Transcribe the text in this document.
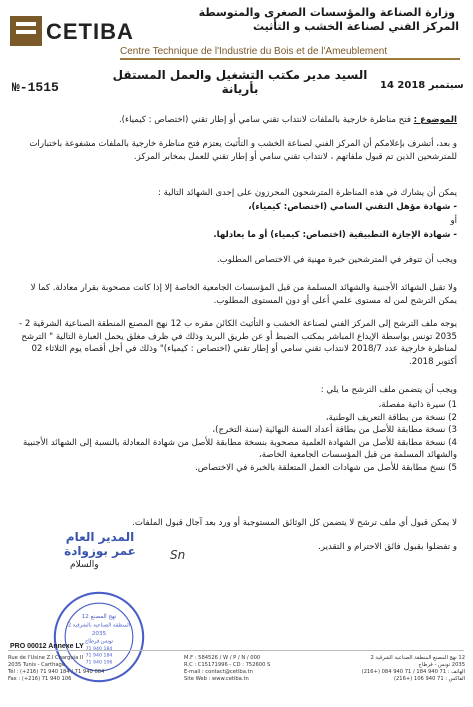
وزارة الصناعة والمؤسسات الصغرى والمتوسطة
المركز الفني لصناعة الخشب و التأثيث
CETIBA
Centre Technique de l'Industrie du Bois et de l'Ameublement
السيد مدير مكتب التشغيل والعمل المستقل بأريانة	14 سبتمبر 2018
№-1515
الموضوع : فتح مناظرة خارجية بالملفات لانتداب تقني سامي أو إطار تقني (اختصاص : كيمياء).
و بعد، أتشرف بإعلامكم أن المركز الفني لصناعة الخشب و التأثيث يعتزم فتح مناظرة خارجية بالملفات مشفوعة باختبارات للمترشحين الذين تم قبول ملفاتهم ، لانتداب تقني سامي أو إطار تقني للعمل بمخابر المركز.
يمكن أن يشارك في هذه المناظرة المترشحون المحرزون على إحدى الشهائد التالية :
- شهادة مؤهل التقني السامي (اختصاص: كيمياء)،
أو
- شهادة الإجازة التطبيقية (اختصاص: كيمياء) أو ما يعادلها.
ويجب أن تتوفر في المترشحين خبرة مهنية في الاختصاص المطلوب.
ولا تقبل الشهائد الأجنبية والشهائد المسلمة من قبل المؤسسات الجامعية الخاصة إلا إذا كانت مصحوبة بقرار معادلة. كما لا يمكن الترشح لمن له مستوى علمي أعلى أو دون المستوى المطلوب.
يوجه ملف الترشح إلى المركز الفني لصناعة الخشب و التأثيث الكائن مقره ب 12 نهج المصنع المنطقة الصناعية الشرقية 2 - 2035 تونس بواسطة الإيداع المباشر بمكتب الضبط أو عن طريق البريد وذلك في ظرف مغلق يحمل العبارة التالية " الترشح لمناظرة خارجية عدد 2018/7 لانتداب تقني سامي أو إطار تقني (اختصاص : كيمياء)" وذلك في أجل أقصاه يوم الثلاثاء 02 أكتوبر 2018.
ويجب أن يتضمن ملف الترشح ما يلي :
1) سيرة ذاتية مفصلة،
2) نسخة من بطاقة التعريف الوطنية،
3) نسخة مطابقة للأصل من بطاقة أعداد السنة النهائية (سنة التخرج)،
4) نسخة مطابقة للأصل من الشهادة العلمية مصحوبة بنسخة مطابقة للأصل من شهادة المعادلة بالنسبة إلى الشهائد الأجنبية والشهائد المسلمة من قبل المؤسسات الجامعية الخاصة،
5) نسخ مطابقة للأصل من شهادات العمل المتعلقة بالخبرة في الاختصاص.
لا يمكن قبول أي ملف ترشح لا يتضمن كل الوثائق المستوجبة أو ورد بعد آجال قبول الملفات.
و تفضلوا بقبول فائق الاحترام و التقدير.
والسلام
Sn
المدير العام
عمر بوزوادة
12 نهج المصنع
المنطقة الصناعية بالشرقية 2
2035
تونس قرطاج
71 940 184
71 940 106
PRO 00012 Annexe LY
Rue de l'Usine Z.I Charguia II
2035 Tunis - Carthage
Tél : (+216) 71 940 184 / 71 940 084
Fax : (+216) 71 940 106
M.F : 584526 / W / P / N / 000
R.C : C15171996 - CD : 752600 S
E-mail : contact@cetiba.tn
Site Web : www.cetiba.tn
12 نهج المصنع المنطقة الصناعية الشرقية 2
2035 تونس - قرطاج
الهاتف : 71 940 184 / 71 940 084 (+216)
الفاكس : 71 940 106 (+216)
